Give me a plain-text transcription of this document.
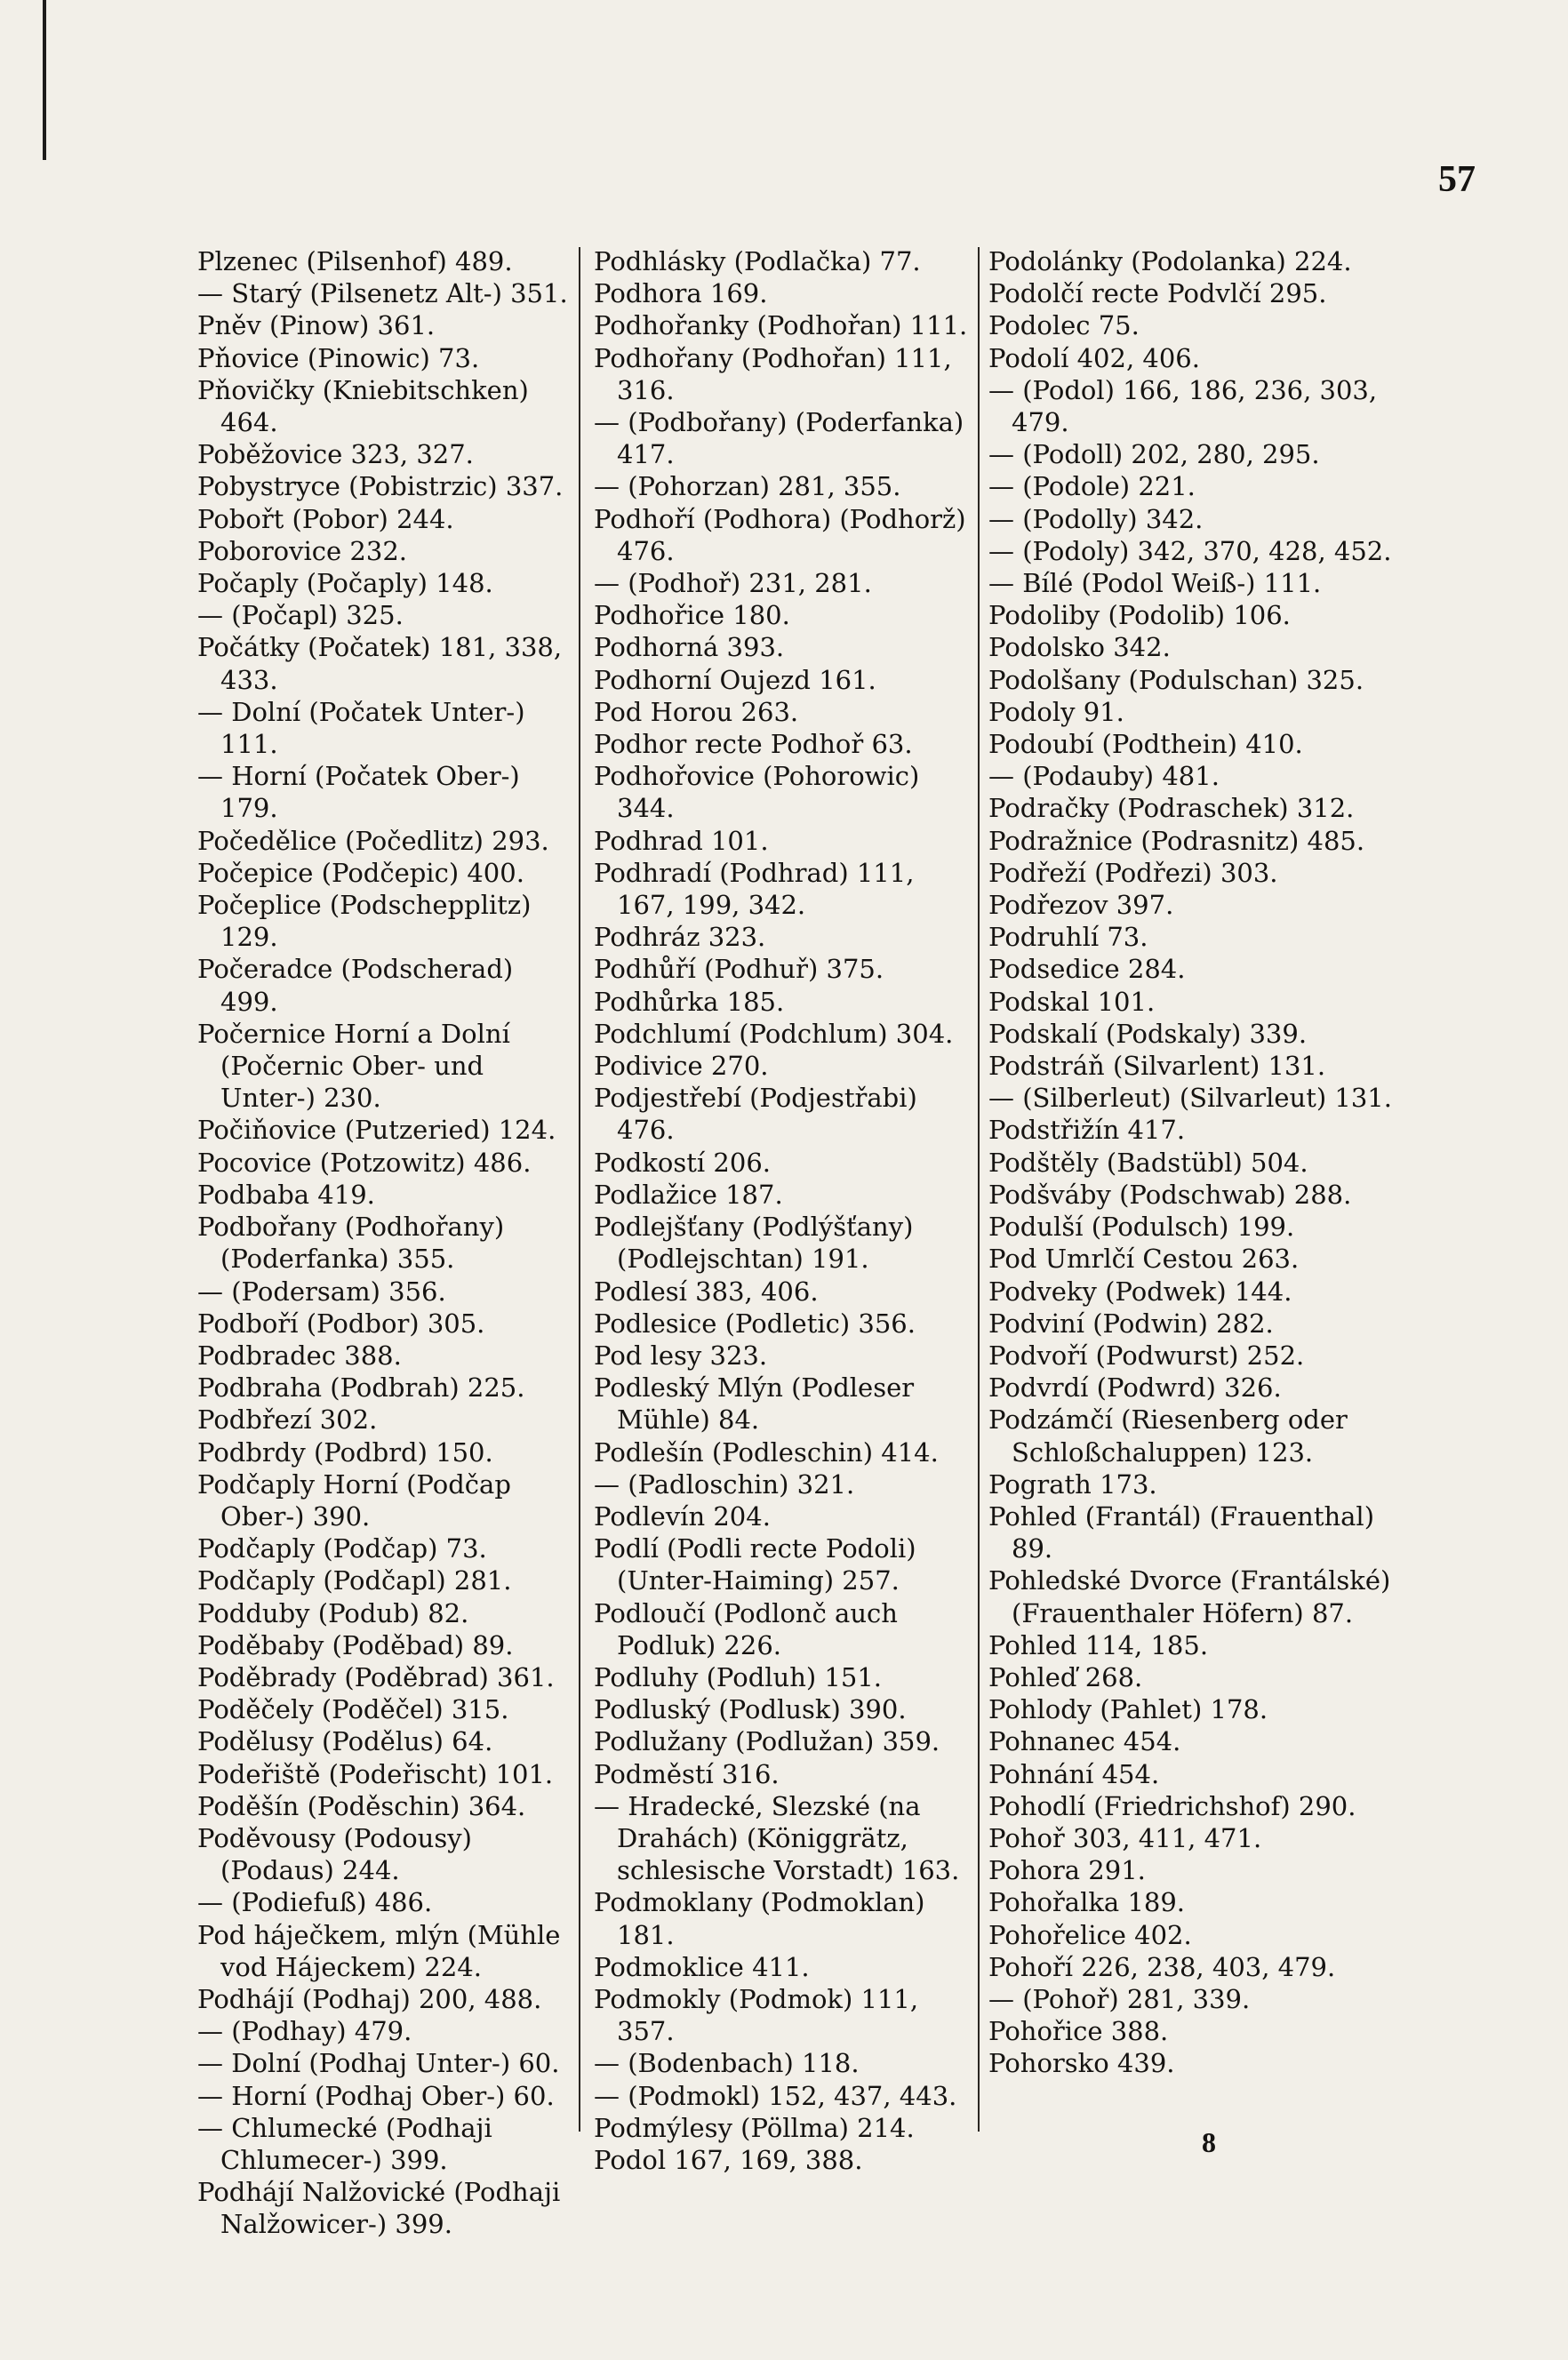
57

Plzenec (Pilsenhof) 489.

— Starý (Pilsenetz Alt-) 351.

Pněv (Pinow) 361.

Pňovice (Pinowic) 73.

Pňovičky (Kniebitschken) 464.

Poběžovice 323, 327.

Pobystryce (Pobistrzic) 337.

Pobořt (Pobor) 244.

Poborovice 232.

Počaply (Počaply) 148.

— (Počapl) 325.

Počátky (Počatek) 181, 338, 433.

— Dolní (Počatek Unter-) 111.

— Horní (Počatek Ober-) 179.

Počedělice (Počedlitz) 293.

Počepice (Podčepic) 400.

Počeplice (Podschepplitz) 129.

Počeradce (Podscherad) 499.

Počernice Horní a Dolní (Počernic Ober- und Unter-) 230.

Počiňovice (Putzeried) 124.

Pocovice (Potzowitz) 486.

Podbaba 419.

Podbořany (Podhořany) (Poderfanka) 355.

— (Podersam) 356.

Podboří (Podbor) 305.

Podbradec 388.

Podbraha (Podbrah) 225.

Podbřezí 302.

Podbrdy (Podbrd) 150.

Podčaply Horní (Podčap Ober-) 390.

Podčaply (Podčap) 73.

Podčaply (Podčapl) 281.

Podduby (Podub) 82.

Poděbaby (Poděbad) 89.

Poděbrady (Poděbrad) 361.

Poděčely (Poděčel) 315.

Podělusy (Podělus) 64.

Podeřiště (Podeřischt) 101.

Poděšín (Poděschin) 364.

Poděvousy (Podousy) (Podaus) 244.

— (Podiefuß) 486.

Pod háječkem, mlýn (Mühle vod Hájeckem) 224.

Podhájí (Podhaj) 200, 488.

— (Podhay) 479.

— Dolní (Podhaj Unter-) 60.

— Horní (Podhaj Ober-) 60.

— Chlumecké (Podhaji Chlumecer-) 399.

Podhájí Nalžovické (Podhaji Nalžowicer-) 399.

Podhlásky (Podlačka) 77.

Podhora 169.

Podhořanky (Podhořan) 111.

Podhořany (Podhořan) 111, 316.

— (Podbořany) (Poderfanka) 417.

— (Pohorzan) 281, 355.

Podhoří (Podhora) (Podhorž) 476.

— (Podhoř) 231, 281.

Podhořice 180.

Podhorná 393.

Podhorní Oujezd 161.

Pod Horou 263.

Podhor recte Podhoř 63.

Podhořovice (Pohorowic) 344.

Podhrad 101.

Podhradí (Podhrad) 111, 167, 199, 342.

Podhráz 323.

Podhůří (Podhuř) 375.

Podhůrka 185.

Podchlumí (Podchlum) 304.

Podivice 270.

Podjestřebí (Podjestřabi) 476.

Podkostí 206.

Podlažice 187.

Podlejšťany (Podlýšťany) (Podlejschtan) 191.

Podlesí 383, 406.

Podlesice (Podletic) 356.

Pod lesy 323.

Podleský Mlýn (Podleser Mühle) 84.

Podlešín (Podleschin) 414.

— (Padloschin) 321.

Podlevín 204.

Podlí (Podli recte Podoli) (Unter-Haiming) 257.

Podloučí (Podlonč auch Podluk) 226.

Podluhy (Podluh) 151.

Podluský (Podlusk) 390.

Podlužany (Podlužan) 359.

Podměstí 316.

— Hradecké, Slezské (na Drahách) (Königgrätz, schlesische Vorstadt) 163.

Podmoklany (Podmoklan) 181.

Podmoklice 411.

Podmokly (Podmok) 111, 357.

— (Bodenbach) 118.

— (Podmokl) 152, 437, 443.

Podmýlesy (Pöllma) 214.

Podol 167, 169, 388.

Podolánky (Podolanka) 224.

Podolčí recte Podvlčí 295.

Podolec 75.

Podolí 402, 406.

— (Podol) 166, 186, 236, 303, 479.

— (Podoll) 202, 280, 295.

— (Podole) 221.

— (Podolly) 342.

— (Podoly) 342, 370, 428, 452.

— Bílé (Podol Weiß-) 111.

Podoliby (Podolib) 106.

Podolsko 342.

Podolšany (Podulschan) 325.

Podoly 91.

Podoubí (Podthein) 410.

— (Podauby) 481.

Podračky (Podraschek) 312.

Podražnice (Podrasnitz) 485.

Podřeží (Podřezi) 303.

Podřezov 397.

Podruhlí 73.

Podsedice 284.

Podskal 101.

Podskalí (Podskaly) 339.

Podstráň (Silvarlent) 131.

— (Silberleut) (Silvarleut) 131.

Podstřižín 417.

Podštěly (Badstübl) 504.

Podšváby (Podschwab) 288.

Podulší (Podulsch) 199.

Pod Umrlčí Cestou 263.

Podveky (Podwek) 144.

Podviní (Podwin) 282.

Podvoří (Podwurst) 252.

Podvrdí (Podwrd) 326.

Podzámčí (Riesenberg oder Schloßchaluppen) 123.

Pograth 173.

Pohled (Frantál) (Frauenthal) 89.

Pohledské Dvorce (Frantálské) (Frauenthaler Höfern) 87.

Pohled 114, 185.

Pohleď 268.

Pohlody (Pahlet) 178.

Pohnanec 454.

Pohnání 454.

Pohodlí (Friedrichshof) 290.

Pohoř 303, 411, 471.

Pohora 291.

Pohořalka 189.

Pohořelice 402.

Pohoří 226, 238, 403, 479.

— (Pohoř) 281, 339.

Pohořice 388.

Pohorsko 439.

8
